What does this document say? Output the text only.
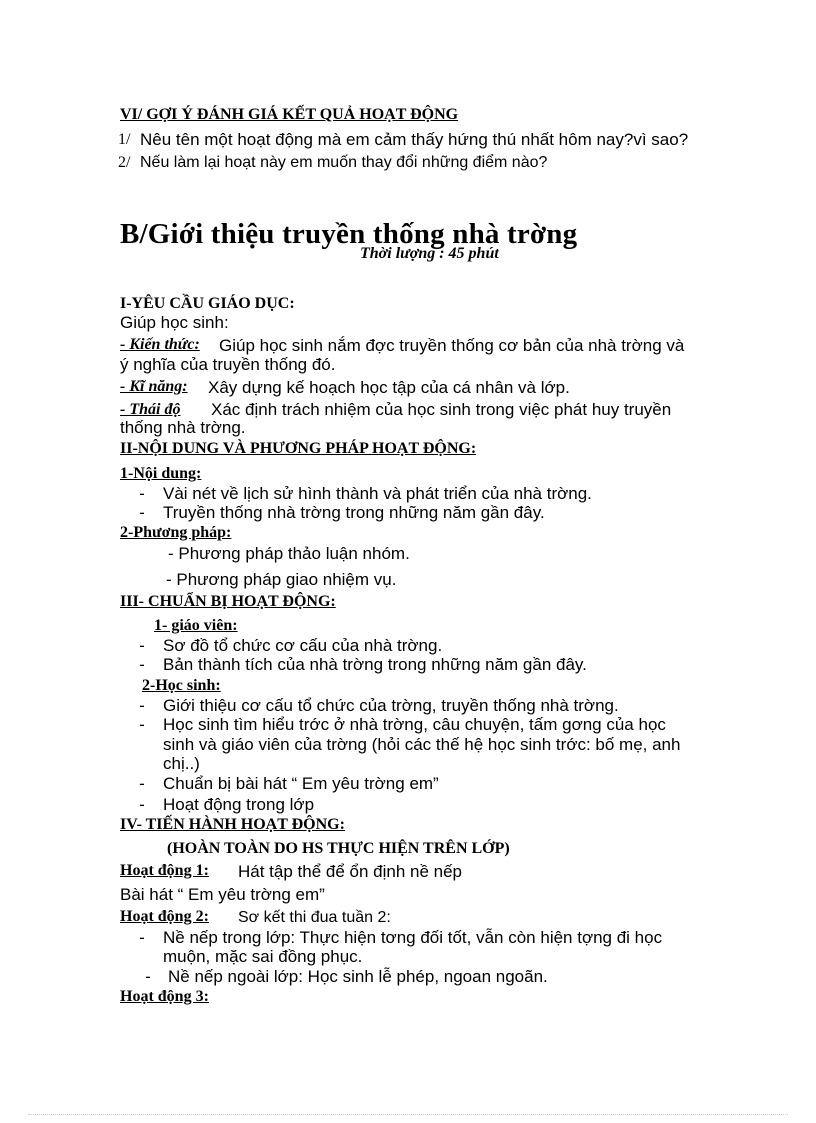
VI/ GỢI Ý ĐÁNH GIÁ KẾT QUẢ HOẠT ĐỘNG
1/ Nêu tên một hoạt động mà em cảm thấy hứng thú nhất hôm nay?vì sao?
2/ Nếu làm lại hoạt này em muốn thay đổi những điểm nào?
B/Giới thiệu truyền thống nhà trờng
Thời lượng : 45 phút
I-YÊU CẦU GIÁO DỤC:
Giúp học sinh:
- Kiến thức: Giúp học sinh nắm đợc truyền thống cơ bản của nhà trờng và
ý nghĩa của truyền thống đó.
- Kĩ năng: Xây dựng kế hoạch học tập của cá nhân và lớp.
- Thái độ Xác định trách nhiệm của học sinh trong việc phát huy truyền
thống nhà trờng.
II-NỘI DUNG VÀ PHƯƠNG PHÁP HOẠT ĐỘNG:
1-Nội dung:
- Vài nét về lịch sử hình thành và phát triển của nhà trờng.
- Truyền thống nhà trờng trong những năm gần đây.
2-Phương pháp:
- Phương pháp thảo luận nhóm.
- Phương pháp giao nhiệm vụ.
III- CHUẨN BỊ HOẠT ĐỘNG:
1- giáo viên:
- Sơ đồ tổ chức cơ cấu của nhà trờng.
- Bản thành tích của nhà trờng trong những năm gần đây.
2-Học sinh:
- Giới thiệu cơ cấu tổ chức của trờng, truyền thống nhà trờng.
- Học sinh tìm hiểu trớc ở nhà trờng, câu chuyện, tấm gơng của học
sinh và giáo viên của trờng (hỏi các thế hệ học sinh trớc: bố mẹ, anh
chị..)
- Chuẩn bị bài hát “ Em yêu trờng em”
- Hoạt động trong lớp
IV- TIẾN HÀNH HOẠT ĐỘNG:
(HOÀN TOÀN DO HS THỰC HIỆN TRÊN LỚP)
Hoạt động 1: Hát tập thể để ổn định nề nếp
Bài hát “ Em yêu trờng em”
Hoạt động 2: Sơ kết thi đua tuần 2:
- Nề nếp trong lớp: Thực hiện tơng đối tốt, vẫn còn hiện tợng đi học
muộn, mặc sai đồng phục.
- Nề nếp ngoài lớp: Học sinh lễ phép, ngoan ngoãn.
Hoạt động 3:
